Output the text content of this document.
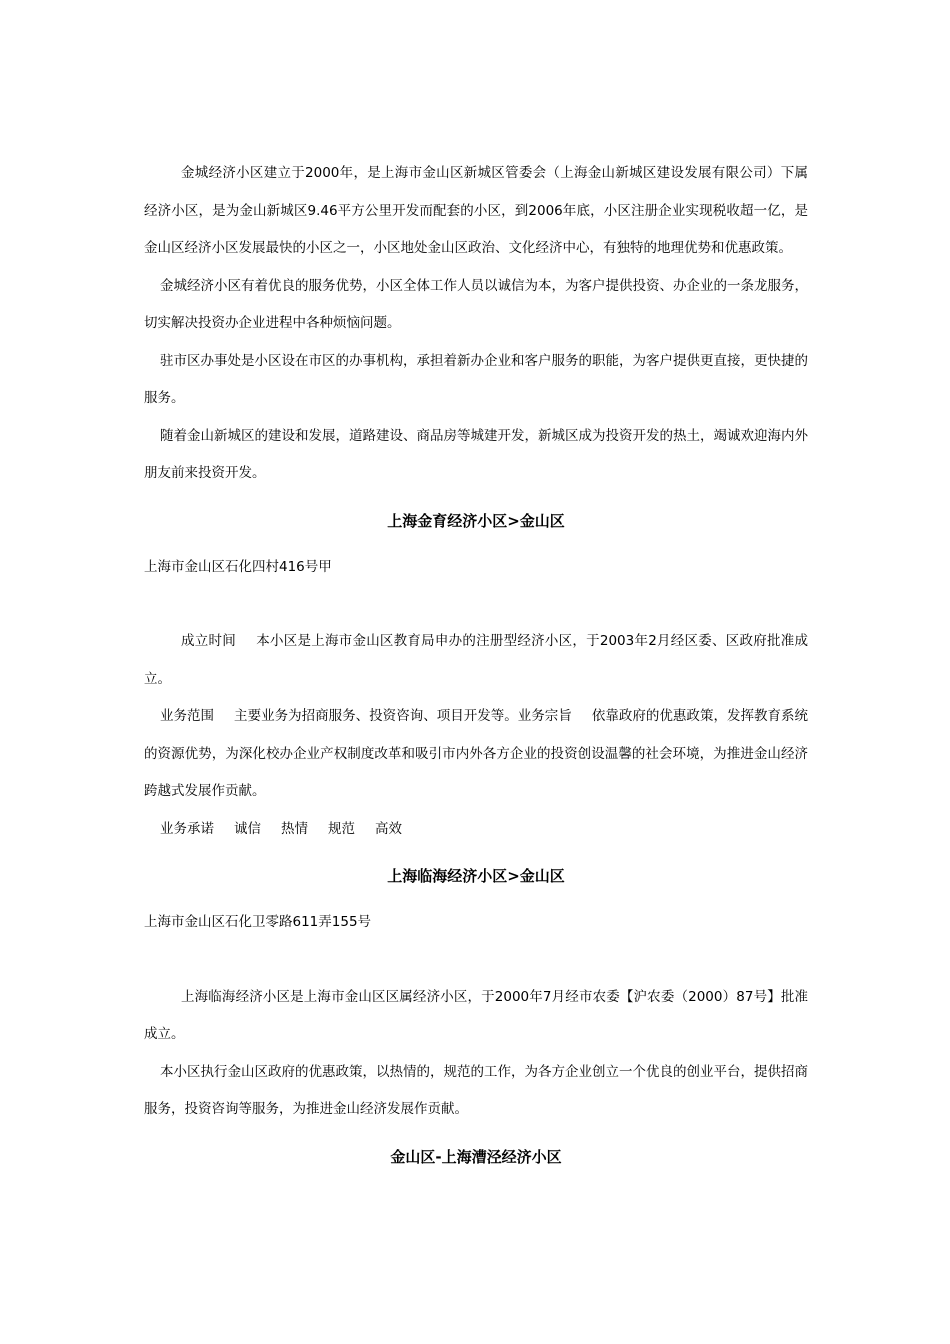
金城经济小区建立于2000年，是上海市金山区新城区管委会（上海金山新城区建设发展有限公司）下属经济小区，是为金山新城区9.46平方公里开发而配套的小区，到2006年底，小区注册企业实现税收超一亿，是金山区经济小区发展最快的小区之一，小区地处金山区政治、文化经济中心，有独特的地理优势和优惠政策。

金城经济小区有着优良的服务优势，小区全体工作人员以诚信为本，为客户提供投资、办企业的一条龙服务，切实解决投资办企业进程中各种烦恼问题。

驻市区办事处是小区设在市区的办事机构，承担着新办企业和客户服务的职能，为客户提供更直接，更快捷的服务。

随着金山新城区的建设和发展，道路建设、商品房等城建开发，新城区成为投资开发的热土，竭诚欢迎海内外朋友前来投资开发。

上海金育经济小区>金山区

上海市金山区石化四村416号甲

成立时间 本小区是上海市金山区教育局申办的注册型经济小区，于2003年2月经区委、区政府批准成立。

业务范围 主要业务为招商服务、投资咨询、项目开发等。业务宗旨 依靠政府的优惠政策，发挥教育系统的资源优势，为深化校办企业产权制度改革和吸引市内外各方企业的投资创设温馨的社会环境，为推进金山经济跨越式发展作贡献。

业务承诺 诚信 热情 规范 高效

上海临海经济小区>金山区

上海市金山区石化卫零路611弄155号

上海临海经济小区是上海市金山区区属经济小区，于2000年7月经市农委【沪农委（2000）87号】批准成立。

本小区执行金山区政府的优惠政策，以热情的，规范的工作，为各方企业创立一个优良的创业平台，提供招商服务，投资咨询等服务，为推进金山经济发展作贡献。

金山区-上海漕泾经济小区
